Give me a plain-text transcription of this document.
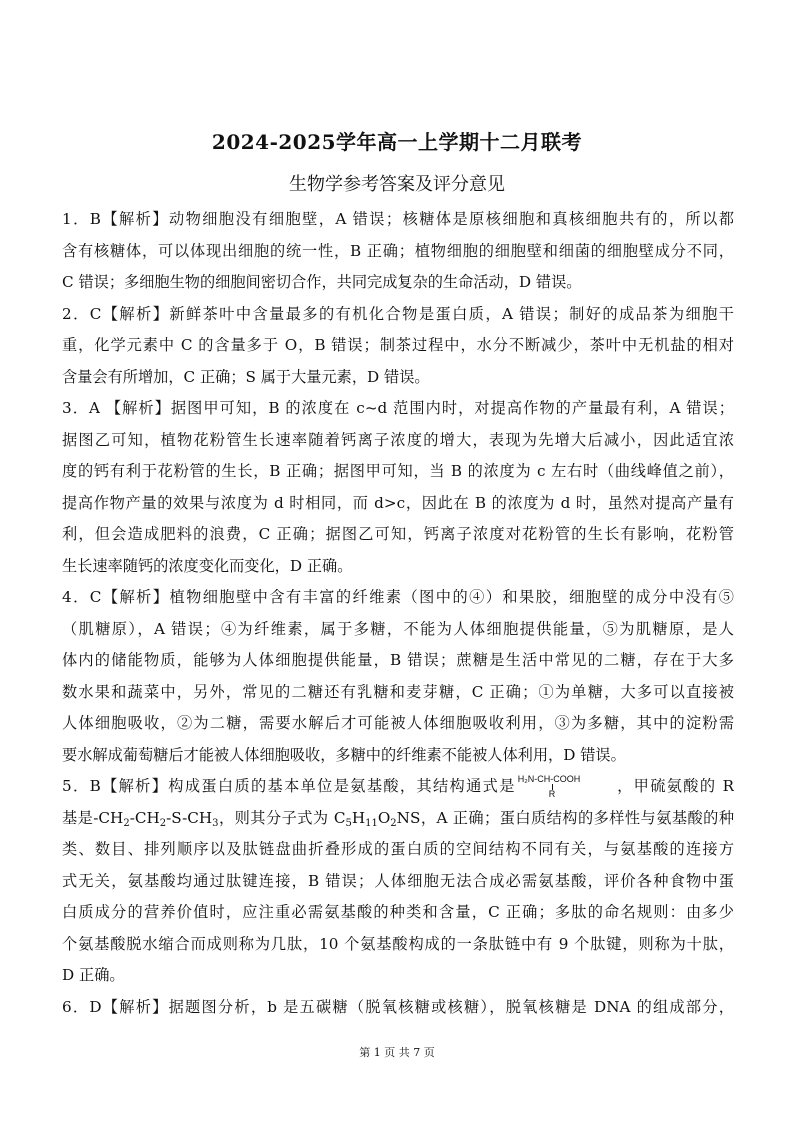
2024-2025学年高一上学期十二月联考
生物学参考答案及评分意见
1．B【解析】动物细胞没有细胞壁，A 错误；核糖体是原核细胞和真核细胞共有的，所以都
含有核糖体，可以体现出细胞的统一性，B 正确；植物细胞的细胞壁和细菌的细胞壁成分不同，
C 错误；多细胞生物的细胞间密切合作，共同完成复杂的生命活动，D 错误。
2．C【解析】新鲜茶叶中含量最多的有机化合物是蛋白质，A 错误；制好的成品茶为细胞干
重，化学元素中 C 的含量多于 O，B 错误；制茶过程中，水分不断减少，茶叶中无机盐的相对
含量会有所增加，C 正确；S 属于大量元素，D 错误。
3．A 【解析】据图甲可知，B 的浓度在 c~d 范围内时，对提高作物的产量最有利，A 错误；
据图乙可知，植物花粉管生长速率随着钙离子浓度的增大，表现为先增大后减小，因此适宜浓
度的钙有利于花粉管的生长，B 正确；据图甲可知，当 B 的浓度为 c 左右时（曲线峰值之前），
提高作物产量的效果与浓度为 d 时相同，而 d>c，因此在 B 的浓度为 d 时，虽然对提高产量有
利，但会造成肥料的浪费，C 正确；据图乙可知，钙离子浓度对花粉管的生长有影响，花粉管
生长速率随钙的浓度变化而变化，D 正确。
4．C【解析】植物细胞壁中含有丰富的纤维素（图中的④）和果胶，细胞壁的成分中没有⑤
（肌糖原），A 错误；④为纤维素，属于多糖，不能为人体细胞提供能量，⑤为肌糖原，是人
体内的储能物质，能够为人体细胞提供能量，B 错误；蔗糖是生活中常见的二糖，存在于大多
数水果和蔬菜中，另外，常见的二糖还有乳糖和麦芽糖，C 正确；①为单糖，大多可以直接被
人体细胞吸收，②为二糖，需要水解后才可能被人体细胞吸收利用，③为多糖，其中的淀粉需
要水解成葡萄糖后才能被人体细胞吸收，多糖中的纤维素不能被人体利用，D 错误。
5．B【解析】构成蛋白质的基本单位是氨基酸，其结构通式是 H₂N-CH-COOH
R	，甲硫氨酸的 R
基是$-CH_2-CH_2-S-CH_3$，则其分子式为 $C_5H_{11}O_2NS$，A 正确；蛋白质结构的多样性与氨基酸的种
类、数目、排列顺序以及肽链盘曲折叠形成的蛋白质的空间结构不同有关，与氨基酸的连接方
式无关，氨基酸均通过肽键连接，B 错误；人体细胞无法合成必需氨基酸，评价各种食物中蛋
白质成分的营养价值时，应注重必需氨基酸的种类和含量，C 正确；多肽的命名规则：由多少
个氨基酸脱水缩合而成则称为几肽，10 个氨基酸构成的一条肽链中有 9 个肽键，则称为十肽，
D 正确。
6．D【解析】据题图分析，b 是五碳糖（脱氧核糖或核糖），脱氧核糖是 DNA 的组成部分，
第 1 页 共 7 页
